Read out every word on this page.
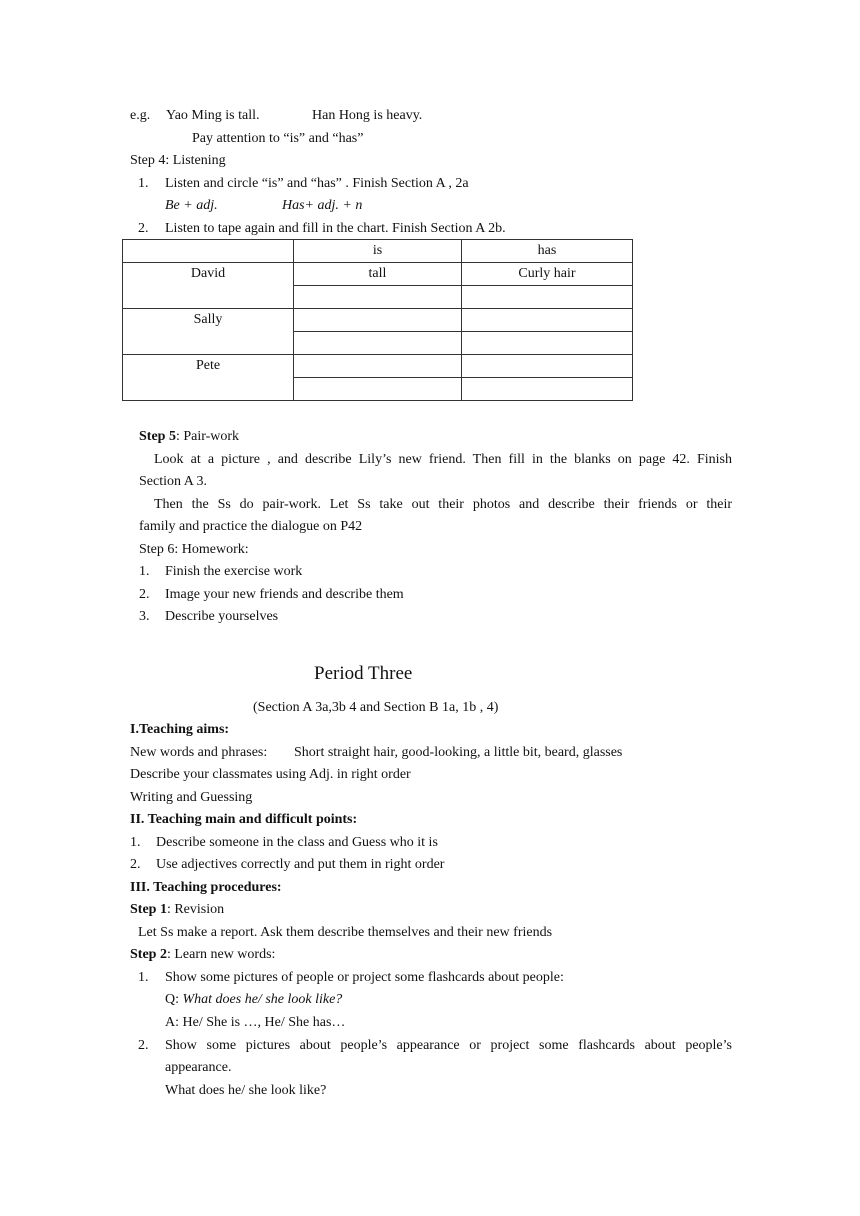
e.g. Yao Ming is tall.	Han Hong is heavy.
Pay attention to “is” and “has”
Step 4: Listening
1. Listen and circle “is” and “has” . Finish Section A , 2a
Be + adj.	Has+ adj. + n
2. Listen to tape again and fill in the chart. Finish Section A 2b.
	is	has
David	tall	Curly hair

Sally		

Pete		

Step 5: Pair-work
Look at a picture , and describe Lily’s new friend. Then fill in the blanks on page 42. Finish
Section A 3.
Then the Ss do pair-work. Let Ss take out their photos and describe their friends or their
family and practice the dialogue on P42
Step 6: Homework:
1. Finish the exercise work
2. Image your new friends and describe them
3. Describe yourselves
Period Three
(Section A 3a,3b 4 and Section B 1a, 1b , 4)
I.Teaching aims:
New words and phrases: Short straight hair, good-looking, a little bit, beard, glasses
Describe your classmates using Adj. in right order
Writing and Guessing
II. Teaching main and difficult points:
1. Describe someone in the class and Guess who it is
2. Use adjectives correctly and put them in right order
III. Teaching procedures:
Step 1: Revision
Let Ss make a report. Ask them describe themselves and their new friends
Step 2: Learn new words:
1. Show some pictures of people or project some flashcards about people:
Q: What does he/ she look like?
A: He/ She is …, He/ She has…
2. Show some pictures about people’s appearance or project some flashcards about people’s
appearance.
What does he/ she look like?
